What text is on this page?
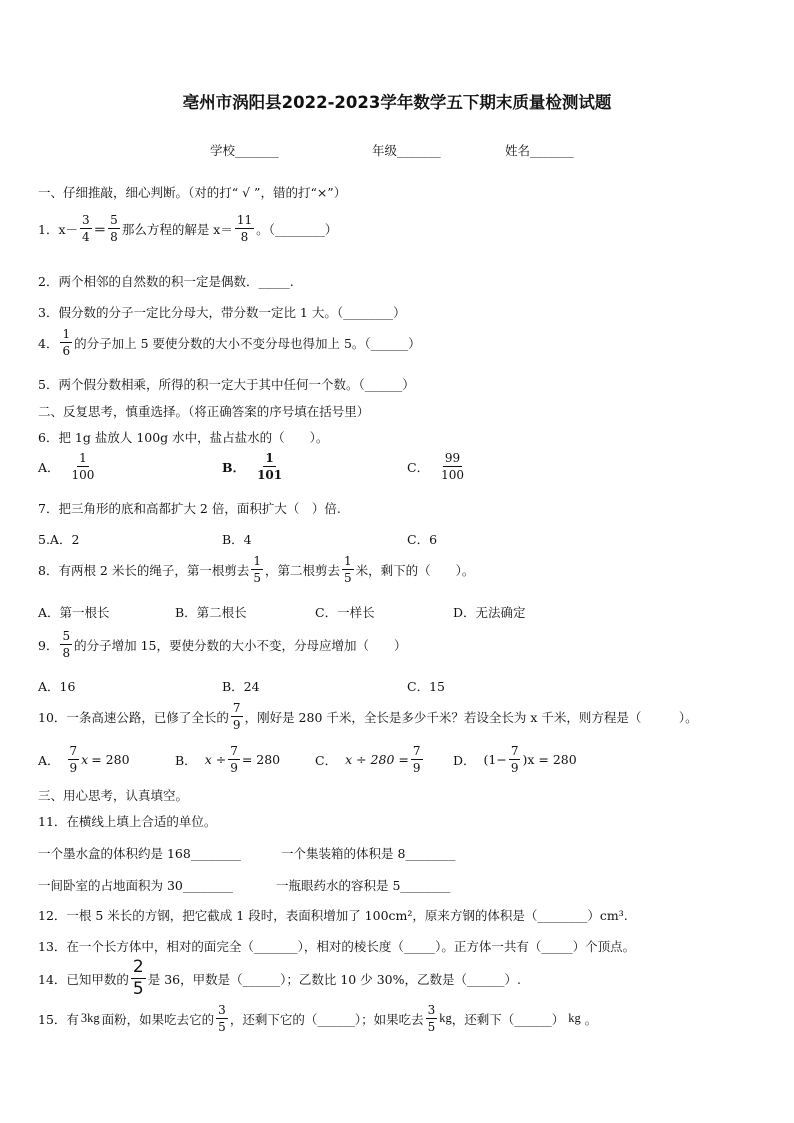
亳州市涡阳县2022-2023学年数学五下期末质量检测试题
学校_______	年级_______	姓名_______
一、仔细推敲，细心判断。（对的打“ √ ”，错的打“×”）
1． $x- \frac{3}{4} = \frac{5}{8}$ 那么方程的解是 $x= \frac{11}{8}$ 。（________）
2．两个相邻的自然数的积一定是偶数．_____.
3．假分数的分子一定比分母大，带分数一定比 1 大。（________）
4． $\frac{1}{6}$ 的分子加上 5 要使分数的大小不变分母也得加上 5。（______）
5．两个假分数相乘，所得的积一定大于其中任何一个数。（______）
二、反复思考，慎重选择。（将正确答案的序号填在括号里）
6．把 1g 盐放人 100g 水中，盐占盐水的（　　）。
A． $\frac{1}{100}$	B． $\frac{1}{101}$	C． $\frac{99}{100}$
7．把三角形的底和高都扩大 2 倍，面积扩大（　）倍.
5.A．2	B．4	C．6
8．有两根 2 米长的绳子，第一根剪去 $\frac{1}{5}$ ，第二根剪去 $\frac{1}{5}$ 米，剩下的（　　）。
A．第一根长	B．第二根长	C．一样长	D．无法确定
9． $\frac{5}{8}$ 的分子增加 15，要使分数的大小不变，分母应增加（　　）
A．16	B．24	C．15
10．一条高速公路，已修了全长的 $\frac{7}{9}$ ，刚好是 280 千米，全长是多少千米？若设全长为 x 千米，则方程是（　　　）。
A． $\frac{7}{9}$ x = 280	B． $x \div \frac{7}{9} = 280$	C． $x \div 280 = \frac{7}{9}$ D． $(1- \frac{7}{9} )x = 280$
三、用心思考，认真填空。
11．在横线上填上合适的单位。
一个墨水盒的体积约是 168________	一个集装箱的体积是 8________
一间卧室的占地面积为 30________	一瓶眼药水的容积是 5________
12．一根 5 米长的方钢，把它截成 1 段时，表面积增加了 100cm²，原来方钢的体积是（________）cm³.
13．在一个长方体中，相对的面完全（_______），相对的棱长度（_____）。正方体一共有（_____）个顶点。
14．已知甲数的 $\frac{2}{5}$ 是 36，甲数是（______）；乙数比 10 少 30%，乙数是（______）.
15．有 3kg 面粉，如果吃去它的 $\frac{3}{5}$ ，还剩下它的（______）；如果吃去 $\frac{3}{5}$ kg ，还剩下（______） kg 。
